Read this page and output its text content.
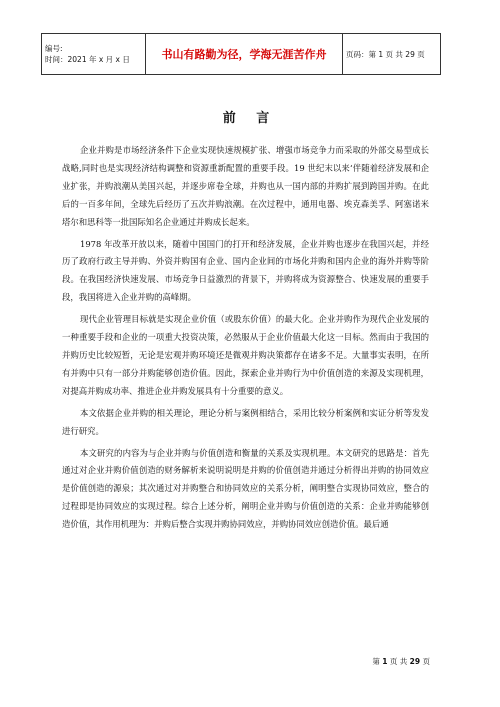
编号:
时间：2021 年 x 月 x 日	书山有路勤为径，学海无涯苦作舟	页码：第 1 页 共 29 页
前 言

企业并购是市场经济条件下企业实现快速规模扩张、增强市场竞争力而采取的外部交易型成长战略,同时也是实现经济结构调整和资源重新配置的重要手段。19 世纪末以来‘伴随着经济发展和企业扩张，并购浪潮从美国兴起，并逐步席卷全球，并购也从一国内部的并购扩展到跨国并购。在此后的一百多年间，全球先后经历了五次并购浪潮。在次过程中，通用电器、埃克森美孚、阿塞诺米塔尔和思科等一批国际知名企业通过并购成长起来。

1978 年改革开放以来，随着中国国门的打开和经济发展，企业并购也逐步在我国兴起，并经历了政府行政主导并购、外资并购国有企业、国内企业间的市场化并购和国内企业的海外并购等阶段。在我国经济快速发展、市场竞争日益激烈的背景下，并购将成为资源整合、快速发展的重要手段，我国将进入企业并购的高峰期。

现代企业管理目标就是实现企业价值（或股东价值）的最大化。企业并购作为现代企业发展的一种重要手段和企业的一项重大投资决策，必然服从于企业价值最大化这一目标。然而由于我国的并购历史比较短暂，无论是宏观并购环境还是微观并购决策都存在诸多不足。大量事实表明，在所有并购中只有一部分并购能够创造价值。因此，探索企业并购行为中价值创造的来源及实现机理，对提高并购成功率、推进企业并购发展具有十分重要的意义。

本文依据企业并购的相关理论，理论分析与案例相结合，采用比较分析案例和实证分析等发发进行研究。

本文研究的内容为与企业并购与价值创造和衡量的关系及实现机理。本文研究的思路是：首先通过对企业并购价值创造的财务解析来说明说明是并购的价值创造并通过分析得出并购的协同效应是价值创造的源泉；其次通过对并购整合和协同效应的关系分析，阐明整合实现协同效应，整合的过程即是协同效应的实现过程。综合上述分析，阐明企业并购与价值创造的关系：企业并购能够创造价值，其作用机理为：并购后整合实现并购协同效应，并购协同效应创造价值。最后通

第 1 页 共 29 页
